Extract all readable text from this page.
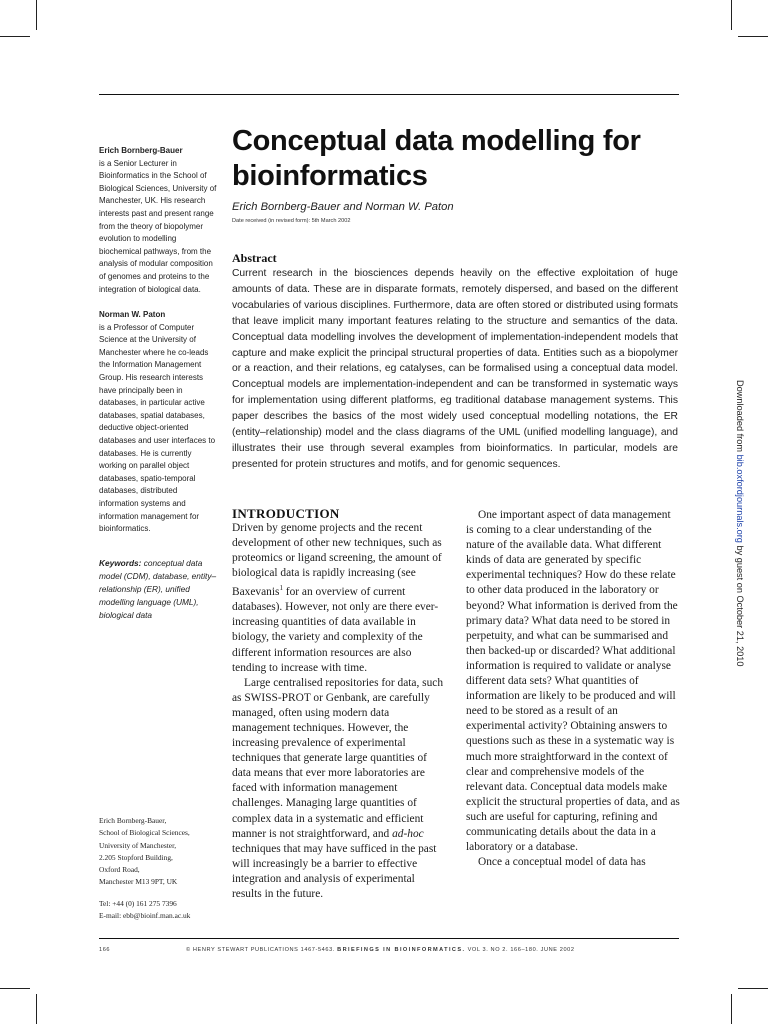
Erich Bornberg-Bauer
is a Senior Lecturer in Bioinformatics in the School of Biological Sciences, University of Manchester, UK. His research interests past and present range from the theory of biopolymer evolution to modelling biochemical pathways, from the analysis of modular composition of genomes and proteins to the integration of biological data.
Norman W. Paton
is a Professor of Computer Science at the University of Manchester where he co-leads the Information Management Group. His research interests have principally been in databases, in particular active databases, spatial databases, deductive object-oriented databases and user interfaces to databases. He is currently working on parallel object databases, spatio-temporal databases, distributed information systems and information management for bioinformatics.
Keywords: conceptual data model (CDM), database, entity–relationship (ER), unified modelling language (UML), biological data
Erich Bornberg-Bauer,
School of Biological Sciences,
University of Manchester,
2.205 Stopford Building,
Oxford Road,
Manchester M13 9PT, UK
Tel: +44 (0) 161 275 7396
E-mail: ebb@bioinf.man.ac.uk
Conceptual data modelling for bioinformatics
Erich Bornberg-Bauer and Norman W. Paton
Date received (in revised form): 5th March 2002
Abstract
Current research in the biosciences depends heavily on the effective exploitation of huge amounts of data. These are in disparate formats, remotely dispersed, and based on the different vocabularies of various disciplines. Furthermore, data are often stored or distributed using formats that leave implicit many important features relating to the structure and semantics of the data. Conceptual data modelling involves the development of implementation-independent models that capture and make explicit the principal structural properties of data. Entities such as a biopolymer or a reaction, and their relations, eg catalyses, can be formalised using a conceptual data model. Conceptual models are implementation-independent and can be transformed in systematic ways for implementation using different platforms, eg traditional database management systems. This paper describes the basics of the most widely used conceptual modelling notations, the ER (entity–relationship) model and the class diagrams of the UML (unified modelling language), and illustrates their use through several examples from bioinformatics. In particular, models are presented for protein structures and motifs, and for genomic sequences.
INTRODUCTION

Driven by genome projects and the recent development of other new techniques, such as proteomics or ligand screening, the amount of biological data is rapidly increasing (see Baxevanis$^1$ for an overview of current databases). However, not only are there ever-increasing quantities of data available in biology, the variety and complexity of the different information resources are also tending to increase with time.

Large centralised repositories for data, such as SWISS-PROT or Genbank, are carefully managed, often using modern data management techniques. However, the increasing prevalence of experimental techniques that generate large quantities of data means that ever more laboratories are faced with information management challenges. Managing large quantities of complex data in a systematic and efficient manner is not straightforward, and ad-hoc techniques that may have sufficed in the past will increasingly be a barrier to effective integration and analysis of experimental results in the future.

One important aspect of data management is coming to a clear understanding of the nature of the available data. What different kinds of data are generated by specific experimental techniques? How do these relate to other data produced in the laboratory or beyond? What information is derived from the primary data? What data need to be stored in perpetuity, and what can be summarised and then backed-up or discarded? What additional information is required to validate or analyse different data sets? What quantities of information are likely to be produced and will need to be stored as a result of an experimental activity? Obtaining answers to questions such as these in a systematic way is much more straightforward in the context of clear and comprehensive models of the relevant data. Conceptual data models make explicit the structural properties of data, and as such are useful for capturing, refining and communicating details about the data in a laboratory or a database.

Once a conceptual model of data has

166	© HENRY STEWART PUBLICATIONS 1467-5463. BRIEFINGS IN BIOINFORMATICS. VOL 3. NO 2. 166–180. JUNE 2002
Downloaded from bib.oxfordjournals.org by guest on October 21, 2010
